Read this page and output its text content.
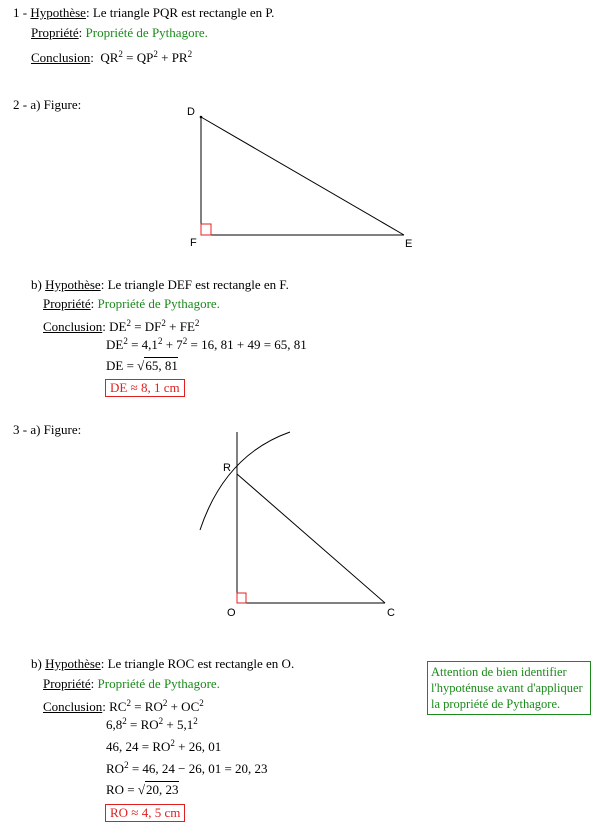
1 - Hypothèse: Le triangle PQR est rectangle en P.
Propriété: Propriété de Pythagore.
Conclusion:  $QR^2 = QP^2 + PR^2$
2 - a) Figure:	D
F	E
R
O	C
b) Hypothèse: Le triangle DEF est rectangle en F.
Propriété: Propriété de Pythagore.
Conclusion: $DE^2 = DF^2 + FE^2$
$DE^2 = 4,1^2 + 7^2 = 16$, 81 + 49 = 65, 81
DE = √65, 81
DE ≈ 8, 1 cm
3 - a) Figure:
b) Hypothèse: Le triangle ROC est rectangle en O.
Propriété: Propriété de Pythagore.
Conclusion: $RC^2 = RO^2 + OC^2$
$6,8^2 = RO^2 + 5,1^2$
46, $24 = RO^2 + 26$, 01
$RO^2 = 46$, 24 − 26, 01 = 20, 23
RO = √20, 23
RO ≈ 4, 5 cm
Attention de bien identifier
l'hypoténuse avant d'appliquer
la propriété de Pythagore.
